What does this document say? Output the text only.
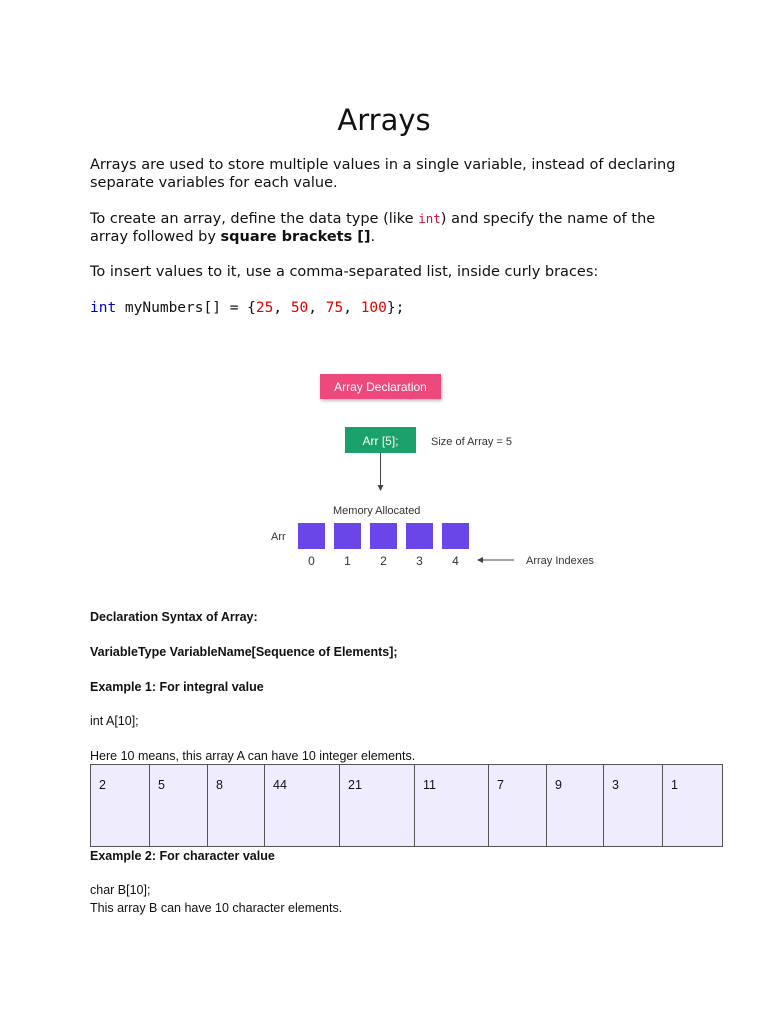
Arrays

Arrays are used to store multiple values in a single variable, instead of declaring separate variables for each value.

To create an array, define the data type (like int) and specify the name of the array followed by square brackets [].

To insert values to it, use a comma-separated list, inside curly braces:

int myNumbers[] = {25, 50, 75, 100};
Array Declaration
Arr [5];	Size of Array = 5
Memory Allocated
Arr
0 1 2 3 4	Array Indexes

Declaration Syntax of Array:

VariableType VariableName[Sequence of Elements];

Example 1: For integral value

int A[10];

Here 10 means, this array A can have 10 integer elements.

2	5	8	44	21	11	7	9	3	1

Example 2: For character value

char B[10];

This array B can have 10 character elements.
